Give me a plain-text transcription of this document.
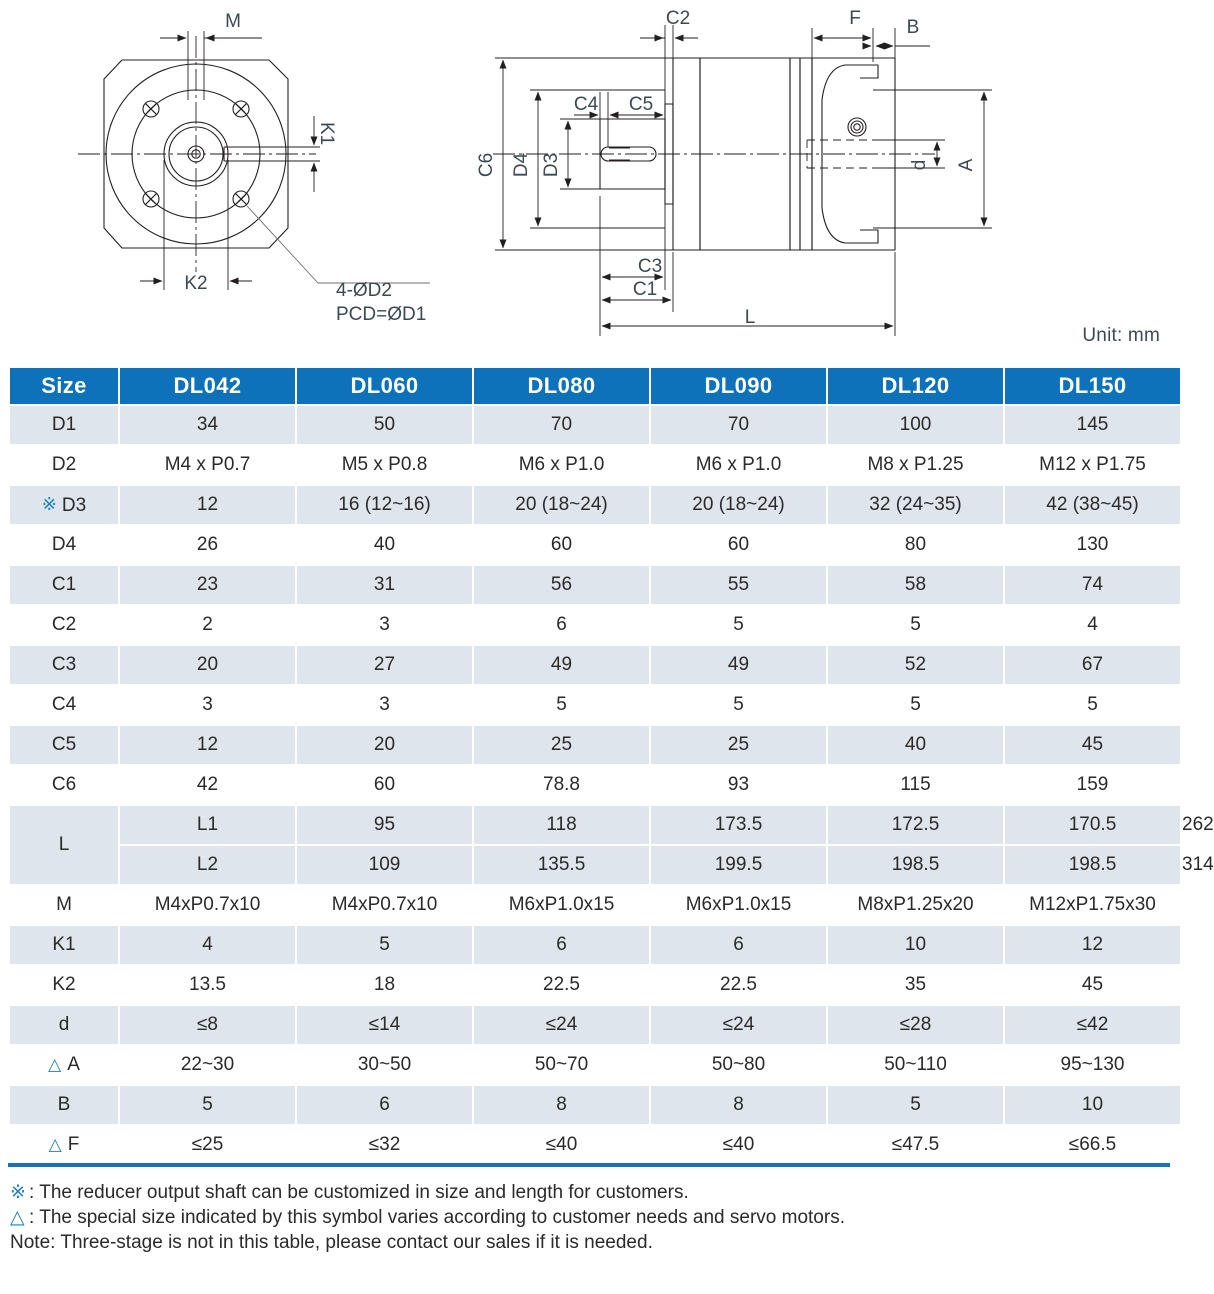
M
K1
K2	4-ØD2
PCD=ØD1
C2	F B
C6 D4 D3
C4 C5
C3
C1
L
A
d
Unit: mm
Size	DL042	DL060	DL080	DL090	DL120	DL150	
D1	34	50	70	70	100	145	
D2	M4 x P0.7	M5 x P0.8	M6 x P1.0	M6 x P1.0	M8 x P1.25	M12 x P1.75	
※ D3	12	16 (12~16)	20 (18~24)	20 (18~24)	32 (24~35)	42 (38~45)	
D4	26	40	60	60	80	130	
C1	23	31	56	55	58	74	
C2	2	3	6	5	5	4	
C3	20	27	49	49	52	67	
C4	3	3	5	5	5	5	
C5	12	20	25	25	40	45	
C6	42	60	78.8	93	115	159	
L	L1	95	118	173.5	172.5	170.5	262
	L2	109	135.5	199.5	198.5	198.5	314
M	M4xP0.7x10	M4xP0.7x10	M6xP1.0x15	M6xP1.0x15	M8xP1.25x20	M12xP1.75x30	
K1	4	5	6	6	10	12	
K2	13.5	18	22.5	22.5	35	45	
d	≤8	≤14	≤24	≤24	≤28	≤42	
△ A	22~30	30~50	50~70	50~80	50~110	95~130	
B	5	6	8	8	5	10	
△ F	≤25	≤32	≤40	≤40	≤47.5	≤66.5	
※ : The reducer output shaft can be customized in size and length for customers.
△ : The special size indicated by this symbol varies according to customer needs and servo motors.
Note: Three-stage is not in this table, please contact our sales if it is needed.
